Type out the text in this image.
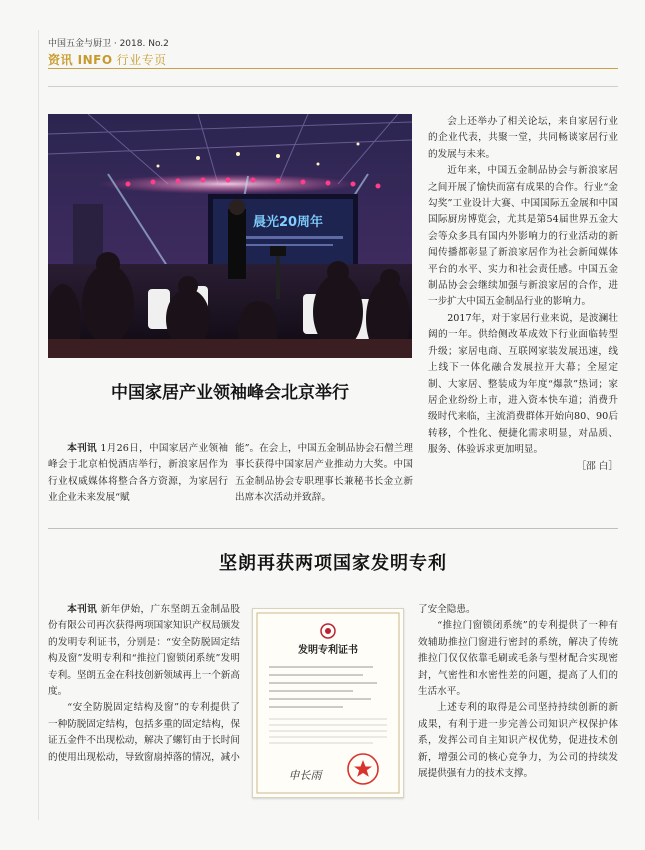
中国五金与厨卫 · 2018. No.2
资讯 INFO 行业专页
晨光20周年
中国家居产业领袖峰会北京举行

本刊讯 1月26日，中国家居产业领袖峰会于北京柏悦酒店举行，新浪家居作为行业权威媒体将整合各方资源，为家居行业企业未来发展“赋

能”。在会上，中国五金制品协会石僧兰理事长获得中国家居产业推动力大奖。中国五金制品协会专职理事长兼秘书长金立新出席本次活动并致辞。

会上还举办了相关论坛，来自家居行业的企业代表，共聚一堂，共同畅谈家居行业的发展与未来。

近年来，中国五金制品协会与新浪家居之间开展了愉快而富有成果的合作。行业“金勾奖”工业设计大赛、中国国际五金展和中国国际厨房博览会，尤其是第54届世界五金大会等众多具有国内外影响力的行业活动的新闻传播都彰显了新浪家居作为社会新闻媒体平台的水平、实力和社会责任感。中国五金制品协会会继续加强与新浪家居的合作，进一步扩大中国五金制品行业的影响力。

2017年，对于家居行业来说，是波澜壮阔的一年。供给侧改革成效下行业面临转型升级；家居电商、互联网家装发展迅速，线上线下一体化融合发展拉开大幕；全屋定制、大家居、整装成为年度“爆款”热词；家居企业纷纷上市，进入资本快车道；消费升级时代来临，主流消费群体开始向80、90后转移，个性化、便捷化需求明显，对品质、服务、体验诉求更加明显。

［邵 白］

坚朗再获两项国家发明专利

本刊讯 新年伊始，广东坚朗五金制品股份有限公司再次获得两项国家知识产权局颁发的发明专利证书，分别是：“安全防脱固定结构及窗”发明专利和“推拉门窗锁闭系统”发明专利。坚朗五金在科技创新领域再上一个新高度。

“安全防脱固定结构及窗”的专利提供了一种防脱固定结构，包括多重的固定结构，保证五金件不出现松动，解决了螺钉由于长时间的使用出现松动，导致窗扇掉落的情况，减小

发明专利证书
申长雨

了安全隐患。

“推拉门窗锁闭系统”的专利提供了一种有效辅助推拉门窗进行密封的系统，解决了传统推拉门仅仅依靠毛刷或毛条与型材配合实现密封，气密性和水密性差的问题，提高了人们的生活水平。

上述专利的取得是公司坚持持续创新的新成果，有利于进一步完善公司知识产权保护体系，发挥公司自主知识产权优势，促进技术创新，增强公司的核心竞争力，为公司的持续发展提供强有力的技术支撑。
